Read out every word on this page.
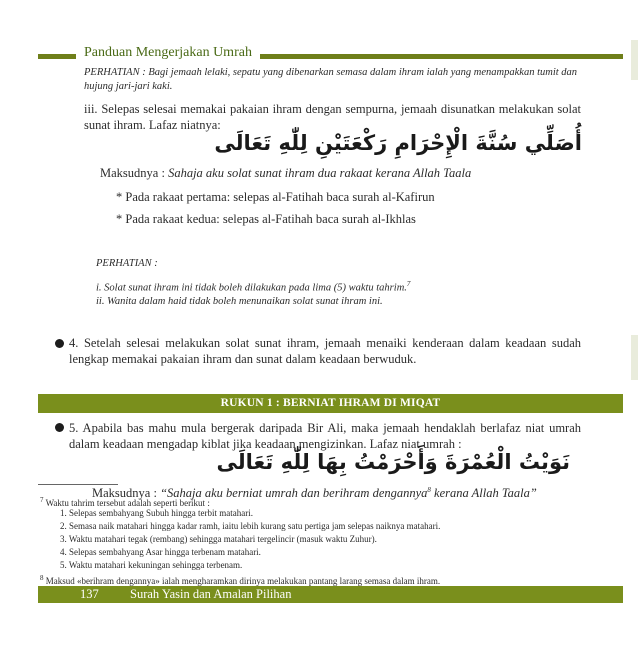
Panduan Mengerjakan Umrah
PERHATIAN : Bagi jemaah lelaki, sepatu yang dibenarkan semasa dalam ihram ialah yang menampakkan tumit dan hujung jari-jari kaki.
iii. Selepas selesai memakai pakaian ihram dengan sempurna, jemaah disunatkan melakukan solat sunat ihram. Lafaz niatnya:
أُصَلِّي سُنَّةَ الْإِحْرَامِ رَكْعَتَيْنِ لِلّٰهِ تَعَالَى
Maksudnya : Sahaja aku solat sunat ihram dua rakaat kerana Allah Taala
* Pada rakaat pertama: selepas al-Fatihah baca surah al-Kafirun
* Pada rakaat kedua: selepas al-Fatihah baca surah al-Ikhlas
PERHATIAN :
i. Solat sunat ihram ini tidak boleh dilakukan pada lima (5) waktu tahrim.$^7$
ii. Wanita dalam haid tidak boleh menunaikan solat sunat ihram ini.
4. Setelah selesai melakukan solat sunat ihram, jemaah menaiki kenderaan dalam keadaan sudah lengkap memakai pakaian ihram dan sunat dalam keadaan berwuduk.
RUKUN 1 : BERNIAT IHRAM DI MIQAT
5. Apabila bas mahu mula bergerak daripada Bir Ali, maka jemaah hendaklah berlafaz niat umrah dalam keadaan mengadap kiblat jika keadaan mengizinkan. Lafaz niat umrah :
نَوَيْتُ الْعُمْرَةَ وَأَحْرَمْتُ بِهَا لِلّٰهِ تَعَالَى
Maksudnya : “Sahaja aku berniat umrah dan berihram dengannya$^8$ kerana Allah Taala”
$^7$ Waktu tahrim tersebut adalah seperti berikut :
1. Selepas sembahyang Subuh hingga terbit matahari.
2. Semasa naik matahari hingga kadar ramh, iaitu lebih kurang satu pertiga jam selepas naiknya matahari.
3. Waktu matahari tegak (rembang) sehingga matahari tergelincir (masuk waktu Zuhur).
4. Selepas sembahyang Asar hingga terbenam matahari.
5. Waktu matahari kekuningan sehingga terbenam.
$^8$ Maksud «berihram dengannya» ialah mengharamkan dirinya melakukan pantang larang semasa dalam ihram.
137	Surah Yasin dan Amalan Pilihan
